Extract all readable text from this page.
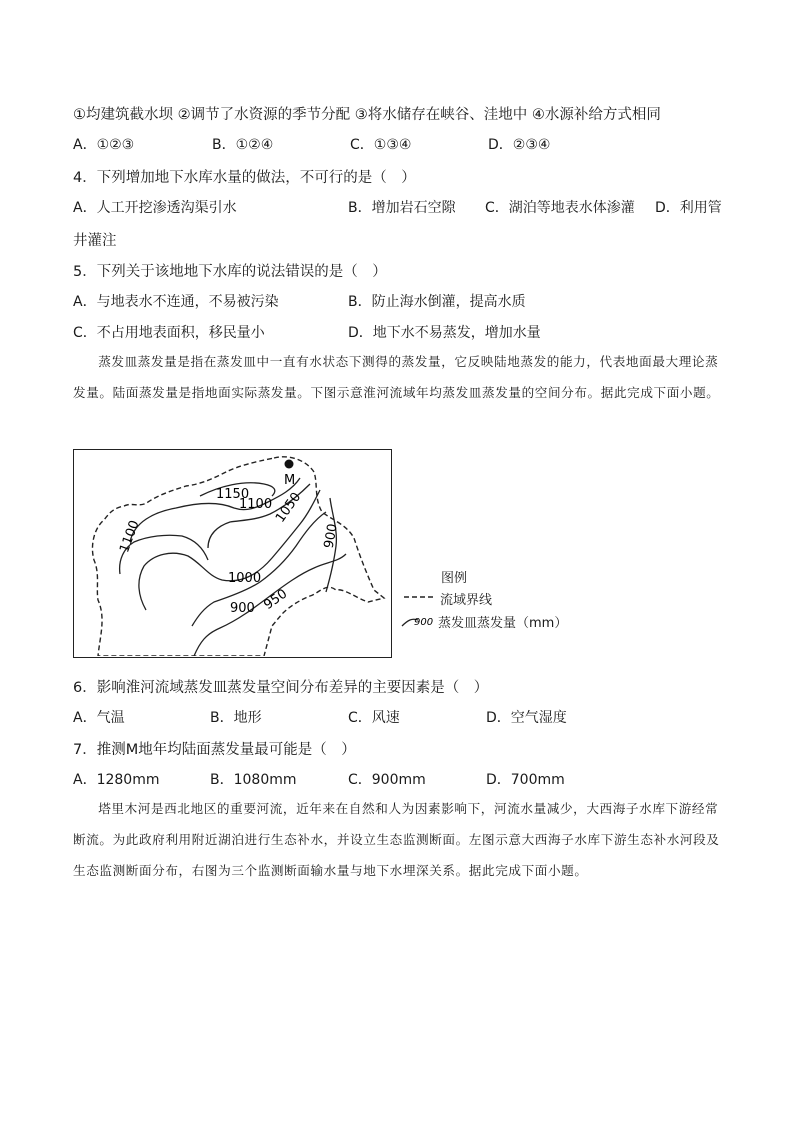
①均建筑截水坝 ②调节了水资源的季节分配 ③将水储存在峡谷、洼地中 ④水源补给方式相同
A．①②③	B．①②④	C．①③④	D．②③④
4．下列增加地下水库水量的做法，不可行的是（　）
A．人工开挖渗透沟渠引水	B．增加岩石空隙 C．湖泊等地表水体渗灌 D．利用管
井灌注
5．下列关于该地地下水库的说法错误的是（　）
A．与地表水不连通，不易被污染	B．防止海水倒灌，提高水质
C．不占用地表面积，移民量小	D．地下水不易蒸发，增加水量
蒸发皿蒸发量是指在蒸发皿中一直有水状态下测得的蒸发量，它反映陆地蒸发的能力，代表地面最大理论蒸发量。陆面蒸发量是指地面实际蒸发量。下图示意淮河流域年均蒸发皿蒸发量的空间分布。据此完成下面小题。
M
1150
1100 1050
1100
1000
950
900
900
图例
流域界线
900 蒸发皿蒸发量（mm）
6．影响淮河流域蒸发皿蒸发量空间分布差异的主要因素是（　）
A．气温	B．地形	C．风速	D．空气湿度
7．推测M地年均陆面蒸发量最可能是（　）
A．1280mm	B．1080mm	C．900mm	D．700mm
塔里木河是西北地区的重要河流，近年来在自然和人为因素影响下，河流水量减少，大西海子水库下游经常断流。为此政府利用附近湖泊进行生态补水，并设立生态监测断面。左图示意大西海子水库下游生态补水河段及生态监测断面分布，右图为三个监测断面输水量与地下水埋深关系。据此完成下面小题。
